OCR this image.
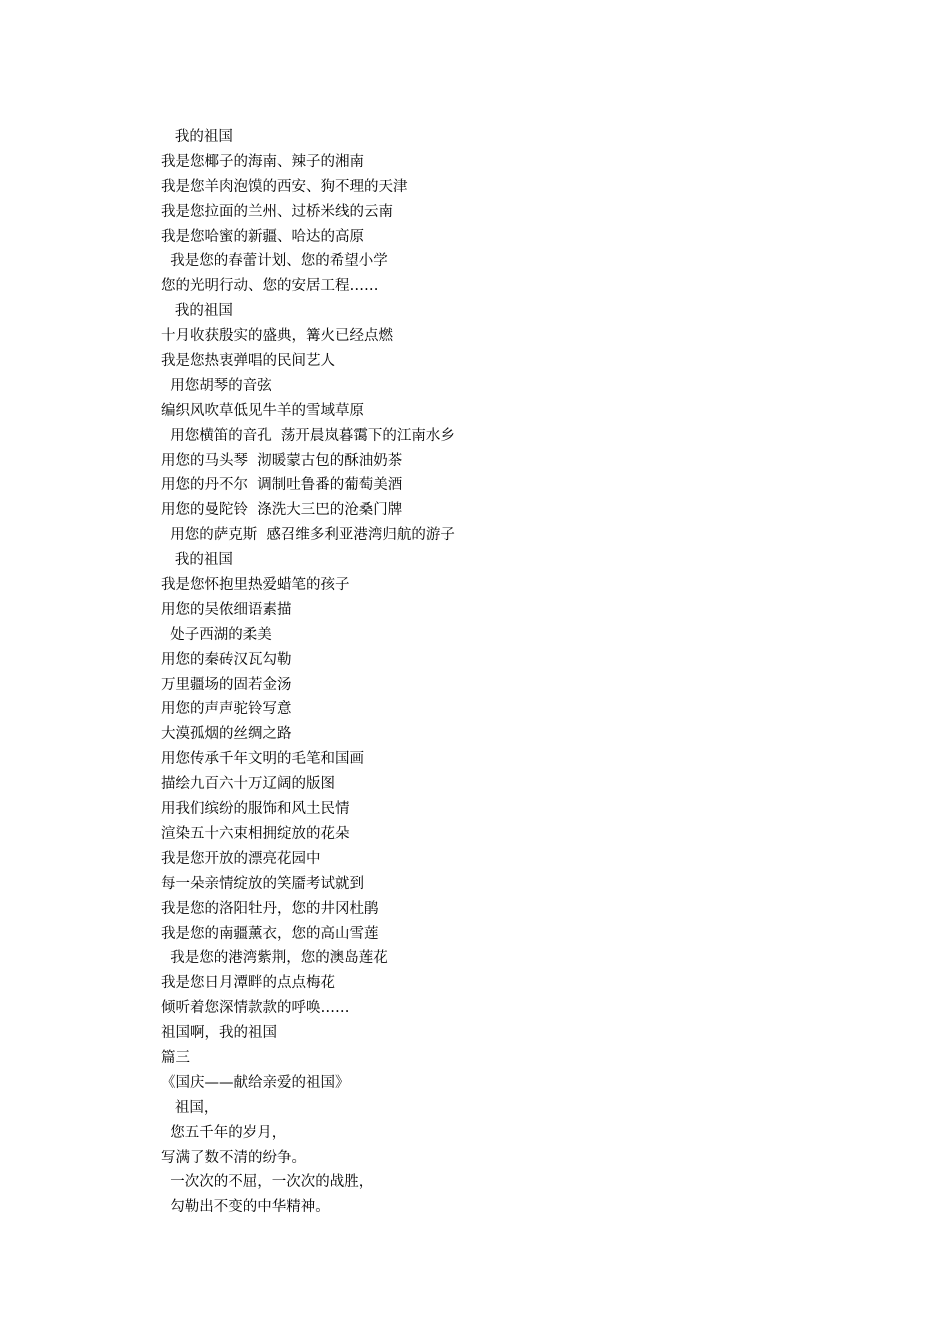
我的祖国

我是您椰子的海南、辣子的湘南

我是您羊肉泡馍的西安、狗不理的天津

我是您拉面的兰州、过桥米线的云南

我是您哈蜜的新疆、哈达的高原

我是您的春蕾计划、您的希望小学

您的光明行动、您的安居工程……

我的祖国

十月收获殷实的盛典，篝火已经点燃

我是您热衷弹唱的民间艺人

用您胡琴的音弦

编织风吹草低见牛羊的雪域草原

用您横笛的音孔  荡开晨岚暮霭下的江南水乡

用您的马头琴  沏暖蒙古包的酥油奶茶

用您的丹不尔  调制吐鲁番的葡萄美酒

用您的曼陀铃  涤洗大三巴的沧桑门牌

用您的萨克斯  感召维多利亚港湾归航的游子

我的祖国

我是您怀抱里热爱蜡笔的孩子

用您的吴侬细语素描

处子西湖的柔美

用您的秦砖汉瓦勾勒

万里疆场的固若金汤

用您的声声驼铃写意

大漠孤烟的丝绸之路

用您传承千年文明的毛笔和国画

描绘九百六十万辽阔的版图

用我们缤纷的服饰和风土民情

渲染五十六束相拥绽放的花朵

我是您开放的漂亮花园中

每一朵亲情绽放的笑靥考试就到

我是您的洛阳牡丹，您的井冈杜鹃

我是您的南疆薰衣，您的高山雪莲

我是您的港湾紫荆，您的澳岛莲花

我是您日月潭畔的点点梅花

倾听着您深情款款的呼唤……

祖国啊，我的祖国

篇三

《国庆——献给亲爱的祖国》

祖国，

您五千年的岁月，

写满了数不清的纷争。

一次次的不屈，一次次的战胜，

勾勒出不变的中华精神。
